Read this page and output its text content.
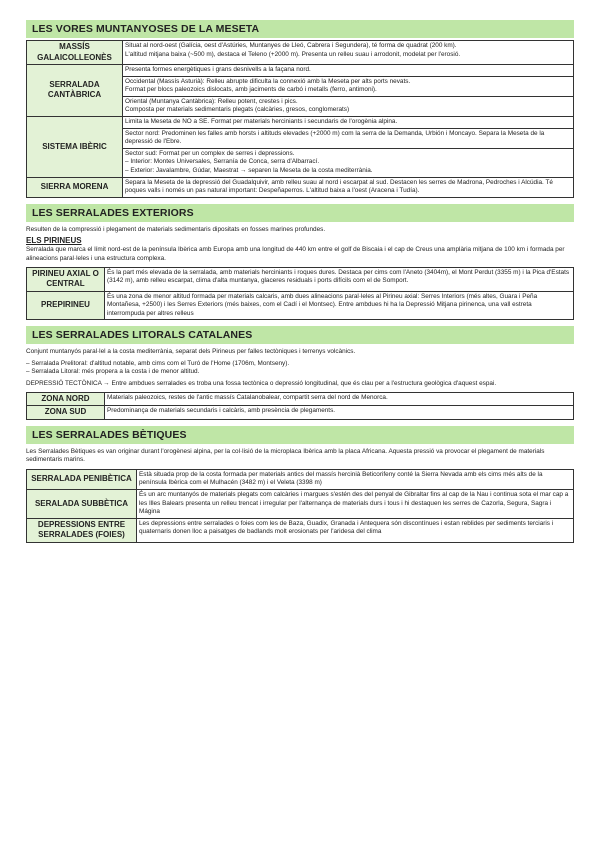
LES VORES MUNTANYOSES DE LA MESETA
MASSÍS GALAICOLLEONÈS	Situat al nord-oest (Galícia, oest d'Astúries, Muntanyes de Lleó, Cabrera i Segundera), té forma de quadrat (200 km).
L'altitud mitjana baixa (~500 m), destaca el Teleno (+2000 m). Presenta un relleu suau i arrodonit, modelat per l'erosió.

SERRALADA CANTÀBRICA	Presenta formes energètiques i grans desnivells a la façana nord.

	Occidental (Massís Asturià): Relleu abrupte dificulta la connexió amb la Meseta per alts ports nevats.
Format per blocs paleozoics dislocats, amb jaciments de carbó i metalls (ferro, antimoni).

	Oriental (Muntanya Cantàbrica): Relleu potent, crestes i pics.
Composta per materials sedimentaris plegats (calcàries, gresos, conglomerats)

SISTEMA IBÈRIC	Limita la Meseta de NO a SE. Format per materials herciniants i secundaris de l'orogènia alpina.

	Sector nord: Predominen les falles amb horsts i altituds elevades (+2000 m) com la serra de la Demanda, Urbión i Moncayo. Separa la Meseta de la depressió de l'Ebre.

	Sector sud: Format per un complex de serres i depressions.
– Interior: Montes Universales, Serranía de Conca, serra d'Albarrací.
– Exterior: Javalambre, Gúdar, Maestrat → separen la Meseta de la costa mediterrània.

SIERRA MORENA	Separa la Meseta de la depressió del Guadalquivir, amb relleu suau al nord i escarpat al sud. Destacen les serres de Madrona, Pedroches i Alcúdia. Té poques valls i només un pas natural important: Despeñaperros. L'altitud baixa a l'oest (Aracena i Tudía).
LES SERRALADES EXTERIORS

Resulten de la compressió i plegament de materials sedimentaris dipositats en fosses marines profundes.

ELS PIRINEUS

Serralada que marca el límit nord-est de la península Ibèrica amb Europa amb una longitud de 440 km entre el golf de Biscaia i el cap de Creus una amplària mitjana de 100 km i formada per alineacions paral·leles i una estructura complexa.

PIRINEU AXIAL O CENTRAL	És la part més elevada de la serralada, amb materials herciniants i roques dures. Destaca per cims com l'Aneto (3404m), el Mont Perdut (3355 m) i la Pica d'Estats (3142 m), amb relleu escarpat, clima d'alta muntanya, glaceres residuals i ports difícils com el de Somport.

PREPIRINEU	És una zona de menor altitud formada per materials calcaris, amb dues alineacions paral·leles al Pirineu axial: Serres Interiors (més altes, Guara i Peña Montañesa, +2500) i les Serres Exteriors (més baixes, com el Cadí i el Montsec). Entre ambdues hi ha la Depressió Mitjana pirinenca, una vall estreta interrompuda per altres relleus
LES SERRALADES LITORALS CATALANES

Conjunt muntanyós paral·lel a la costa mediterrània, separat dels Pirineus per falles tectòniques i terrenys volcànics.

– Serralada Prelitoral: d'altitud notable, amb cims com el Turó de l'Home (1706m, Montseny).

– Serralada Litoral: més propera a la costa i de menor altitud.

DEPRESSIÓ TECTÒNICA → Entre ambdues serralades es troba una fossa tectònica o depressió longitudinal, que és clau per a l'estructura geològica d'aquest espai.

ZONA NORD	Materials paleozoics, restes de l'antic massís Catalanobalear, compartit serra del nord de Menorca.

ZONA SUD	Predominança de materials secundaris i calcàris, amb presència de plegaments.
LES SERRALADES BÈTIQUES

Les Serralades Bètiques es van originar durant l'orogènesi alpina, per la col·lisió de la microplaca Ibèrica amb la placa Africana. Aquesta pressió va provocar el plegament de materials sedimentaris marins.

SERRALADA PENIBÈTICA	Està situada prop de la costa formada per materials antics del massís hercinià Beticorifeny conté la Sierra Nevada amb els cims més alts de la península Ibèrica com el Mulhacén (3482 m) i el Veleta (3398 m)

SERALADA SUBBÈTICA	És un arc muntanyós de materials plegats com calcàries i margues s'estén des del penyal de Gibraltar fins al cap de la Nau i continua sota el mar cap a les Illes Balears presenta un relleu trencat i irregular per l'alternança de materials durs i tous i hi destaquen les serres de Cazorla, Segura, Sagra i Mágina

DEPRESSIONS ENTRE SERRALADES (FOIES)	Les depressions entre serralades o foies com les de Baza, Guadix, Granada i Antequera són discontínues i estan reblides per sediments terciaris i quaternaris donen lloc a paisatges de badlands molt erosionats per l'aridesa del clima
